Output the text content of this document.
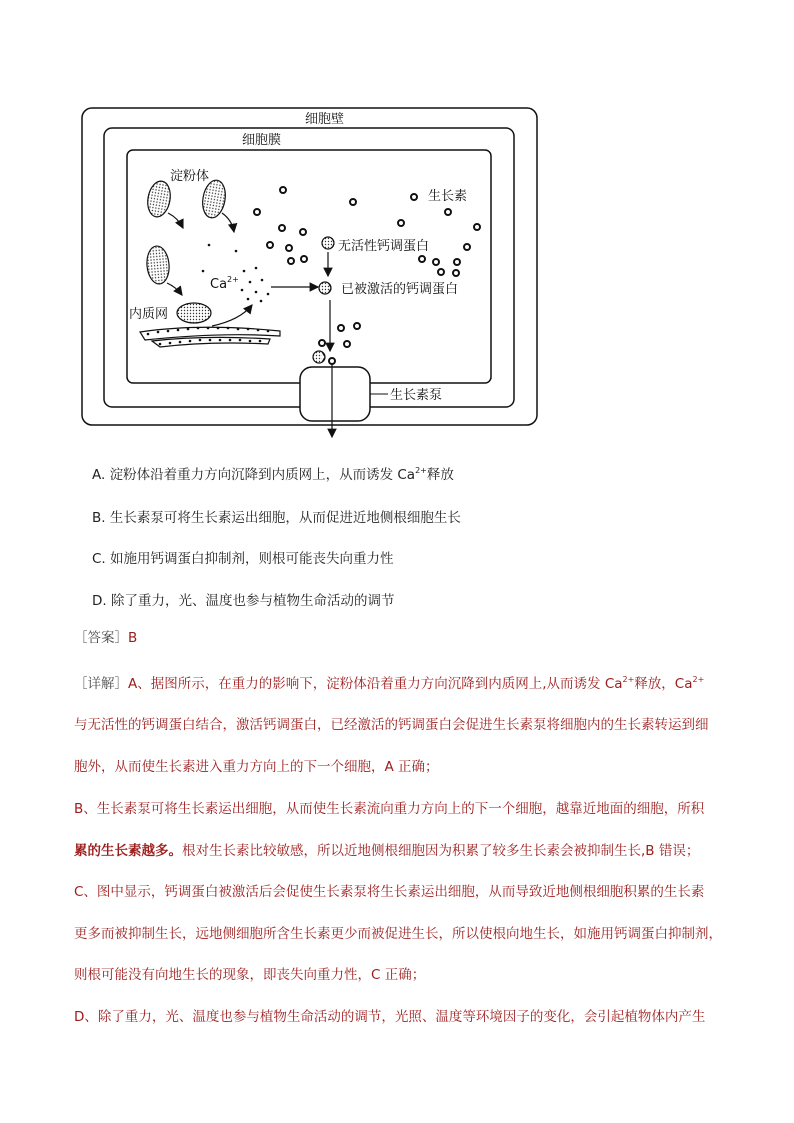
细胞壁
细胞膜
淀粉体
内质网
$Ca^{2+}$
生长素
无活性钙调蛋白
已被激活的钙调蛋白
生长素泵
A. 淀粉体沿着重力方向沉降到内质网上，从而诱发 $Ca^{2+}$释放
B. 生长素泵可将生长素运出细胞，从而促进近地侧根细胞生长
C. 如施用钙调蛋白抑制剂，则根可能丧失向重力性
D. 除了重力，光、温度也参与植物生命活动的调节
［答案］B
［详解］A、据图所示，在重力的影响下，淀粉体沿着重力方向沉降到内质网上,从而诱发 $Ca^{2+}$释放，$Ca^{2+}$
与无活性的钙调蛋白结合，激活钙调蛋白，已经激活的钙调蛋白会促进生长素泵将细胞内的生长素转运到细
胞外，从而使生长素进入重力方向上的下一个细胞，A 正确；
B、生长素泵可将生长素运出细胞，从而使生长素流向重力方向上的下一个细胞，越靠近地面的细胞，所积
累的生长素越多。根对生长素比较敏感，所以近地侧根细胞因为积累了较多生长素会被抑制生长,B 错误；
C、图中显示，钙调蛋白被激活后会促使生长素泵将生长素运出细胞，从而导致近地侧根细胞积累的生长素
更多而被抑制生长，远地侧细胞所含生长素更少而被促进生长，所以使根向地生长，如施用钙调蛋白抑制剂，
则根可能没有向地生长的现象，即丧失向重力性，C 正确；
D、除了重力，光、温度也参与植物生命活动的调节，光照、温度等环境因子的变化，会引起植物体内产生
